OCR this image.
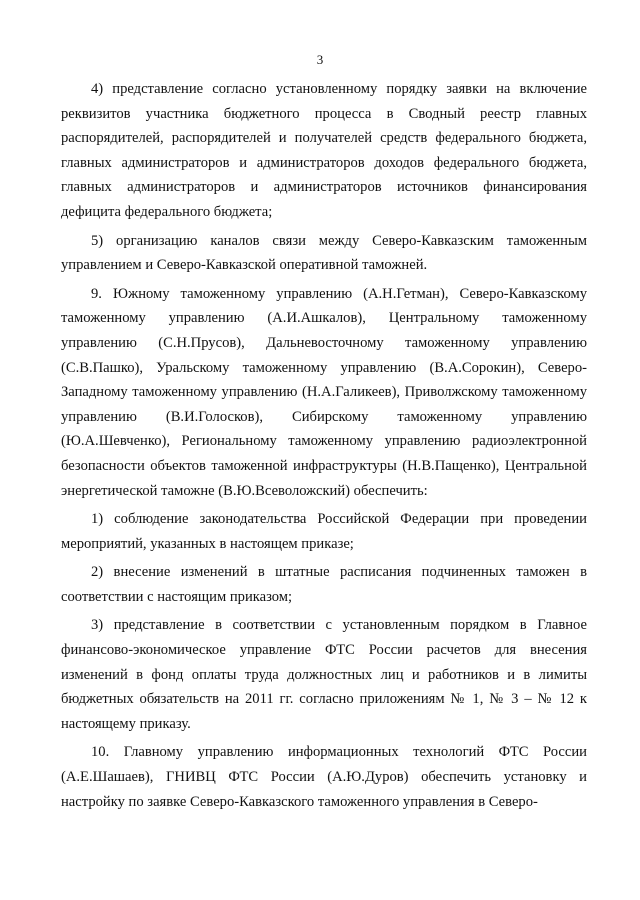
3

4) представление согласно установленному порядку заявки на включение реквизитов участника бюджетного процесса в Сводный реестр главных распорядителей, распорядителей и получателей средств федерального бюджета, главных администраторов и администраторов доходов федерального бюджета, главных администраторов и администраторов источников финансирования дефицита федерального бюджета;

5) организацию каналов связи между Северо-Кавказским таможенным управлением и Северо-Кавказской оперативной таможней.

9. Южному таможенному управлению (А.Н.Гетман), Северо-Кавказскому таможенному управлению (А.И.Ашкалов), Центральному таможенному управлению (С.Н.Прусов), Дальневосточному таможенному управлению (С.В.Пашко), Уральскому таможенному управлению (В.А.Сорокин), Северо-Западному таможенному управлению (Н.А.Галикеев), Приволжскому таможенному управлению (В.И.Голосков), Сибирскому таможенному управлению (Ю.А.Шевченко), Региональному таможенному управлению радиоэлектронной безопасности объектов таможенной инфраструктуры (Н.В.Пащенко), Центральной энергетической таможне (В.Ю.Всеволожский) обеспечить:

1) соблюдение законодательства Российской Федерации при проведении мероприятий, указанных в настоящем приказе;

2) внесение изменений в штатные расписания подчиненных таможен в соответствии с настоящим приказом;

3) представление в соответствии с установленным порядком в Главное финансово-экономическое управление ФТС России расчетов для внесения изменений в фонд оплаты труда должностных лиц и работников и в лимиты бюджетных обязательств на 2011 гг. согласно приложениям № 1, № 3 – № 12 к настоящему приказу.

10. Главному управлению информационных технологий ФТС России (А.Е.Шашаев), ГНИВЦ ФТС России (А.Ю.Дуров) обеспечить установку и настройку по заявке Северо-Кавказского таможенного управления в Северо-
